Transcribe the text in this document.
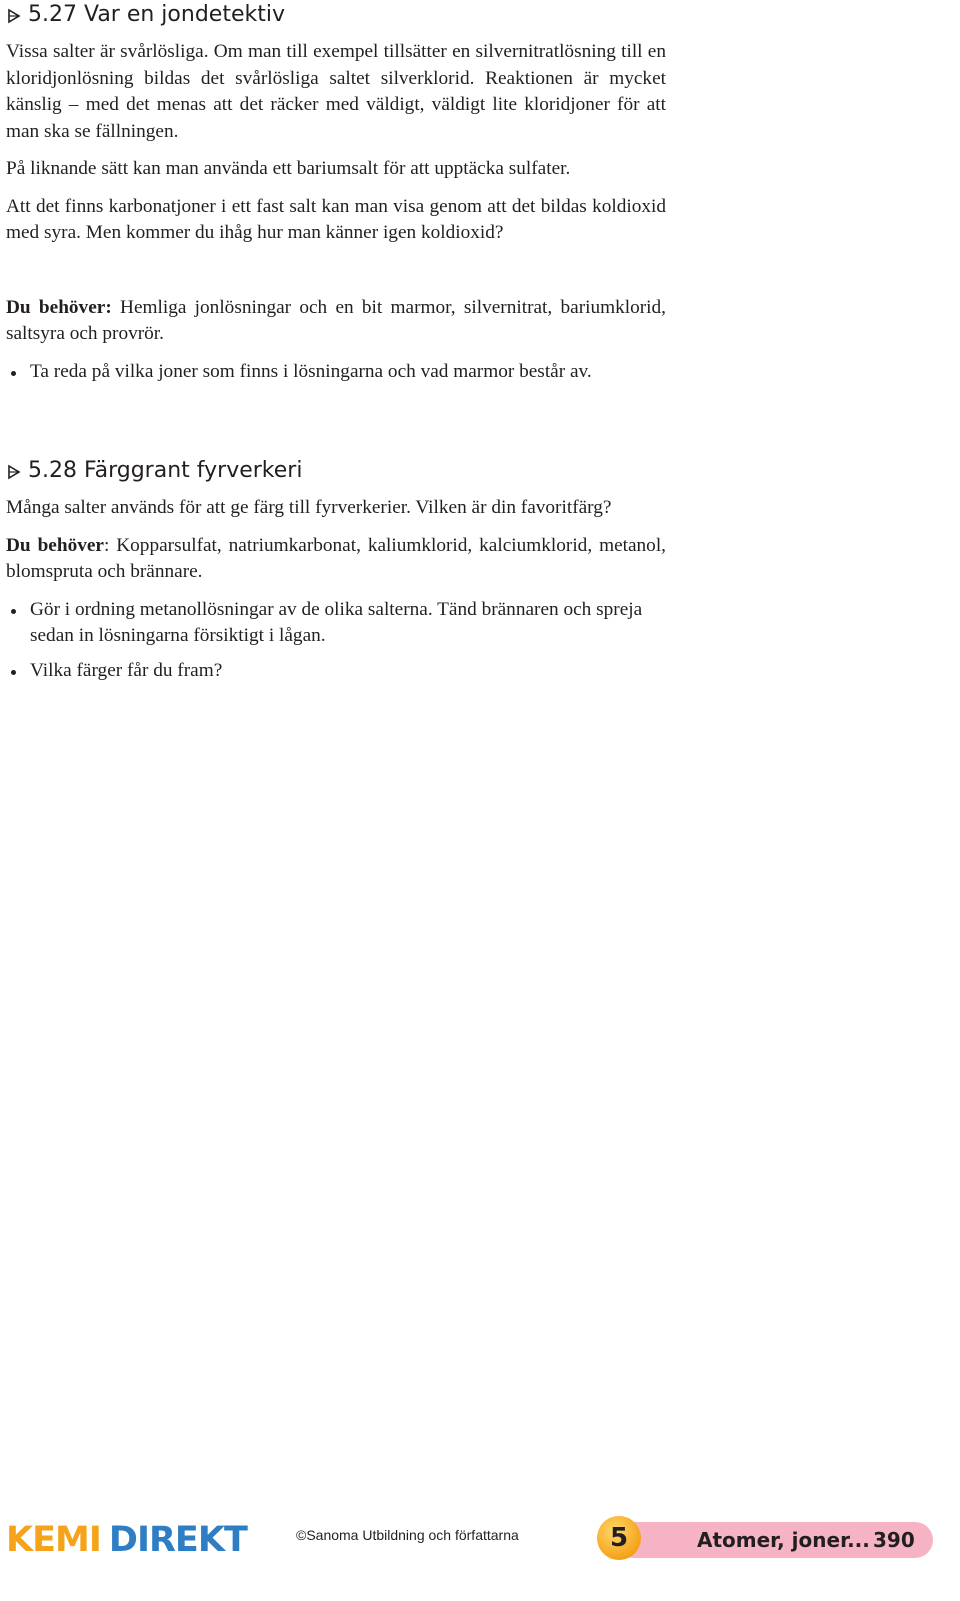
5.27 Var en jondetektiv

Vissa salter är svårlösliga. Om man till exempel tillsätter en silvernitratlösning till en kloridjonlösning bildas det svårlösliga saltet silverklorid. Reaktionen är mycket känslig – med det menas att det räcker med väldigt, väldigt lite kloridjoner för att man ska se fällningen.

På liknande sätt kan man använda ett bariumsalt för att upptäcka sulfater.

Att det finns karbonatjoner i ett fast salt kan man visa genom att det bildas koldioxid med syra. Men kommer du ihåg hur man känner igen koldioxid?

Du behöver: Hemliga jonlösningar och en bit marmor, silvernitrat, bariumklorid, saltsyra och provrör.

Ta reda på vilka joner som finns i lösningarna och vad marmor består av.
5.28 Färggrant fyrverkeri

Många salter används för att ge färg till fyrverkerier. Vilken är din favoritfärg?

Du behöver: Kopparsulfat, natriumkarbonat, kaliumklorid, kalciumklorid, metanol, blomspruta och brännare.

Gör i ordning metanollösningar av de olika salterna. Tänd brännaren och spreja sedan in lösningarna försiktigt i lågan.
Vilka färger får du fram?
KEMI DIREKT	©Sanoma Utbildning och författarna	5	Atomer, joner... 390
